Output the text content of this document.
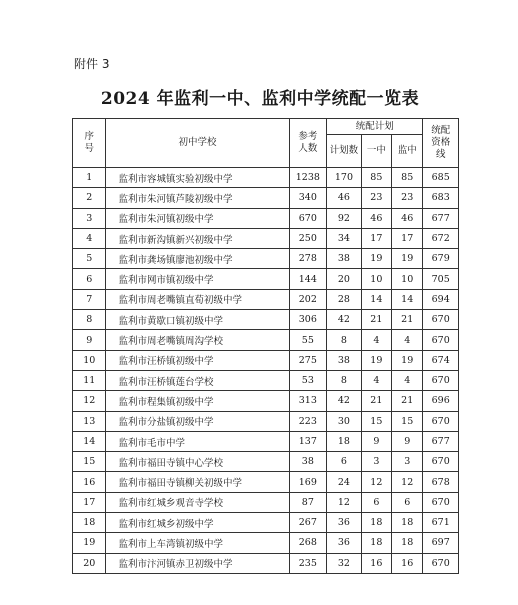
附件 3
2024 年监利一中、监利中学统配一览表
序
号	初中学校	参考
人数	统配计划			统配
资格
线

			计划数	一中	监中	
1	监利市容城镇实验初级中学	1238	170	85	85	685
2	监利市朱河镇芦陵初级中学	340	46	23	23	683
3	监利市朱河镇初级中学	670	92	46	46	677
4	监利市新沟镇新兴初级中学	250	34	17	17	672
5	监利市龚场镇廖池初级中学	278	38	19	19	679
6	监利市网市镇初级中学	144	20	10	10	705
7	监利市周老嘴镇直荀初级中学	202	28	14	14	694
8	监利市黄歇口镇初级中学	306	42	21	21	670
9	监利市周老嘴镇周沟学校	55	8	4	4	670
10	监利市汪桥镇初级中学	275	38	19	19	674
11	监利市汪桥镇莲台学校	53	8	4	4	670
12	监利市程集镇初级中学	313	42	21	21	696
13	监利市分盐镇初级中学	223	30	15	15	670
14	监利市毛市中学	137	18	9	9	677
15	监利市福田寺镇中心学校	38	6	3	3	670
16	监利市福田寺镇柳关初级中学	169	24	12	12	678
17	监利市红城乡观音寺学校	87	12	6	6	670
18	监利市红城乡初级中学	267	36	18	18	671
19	监利市上车湾镇初级中学	268	36	18	18	697
20	监利市汴河镇赤卫初级中学	235	32	16	16	670
